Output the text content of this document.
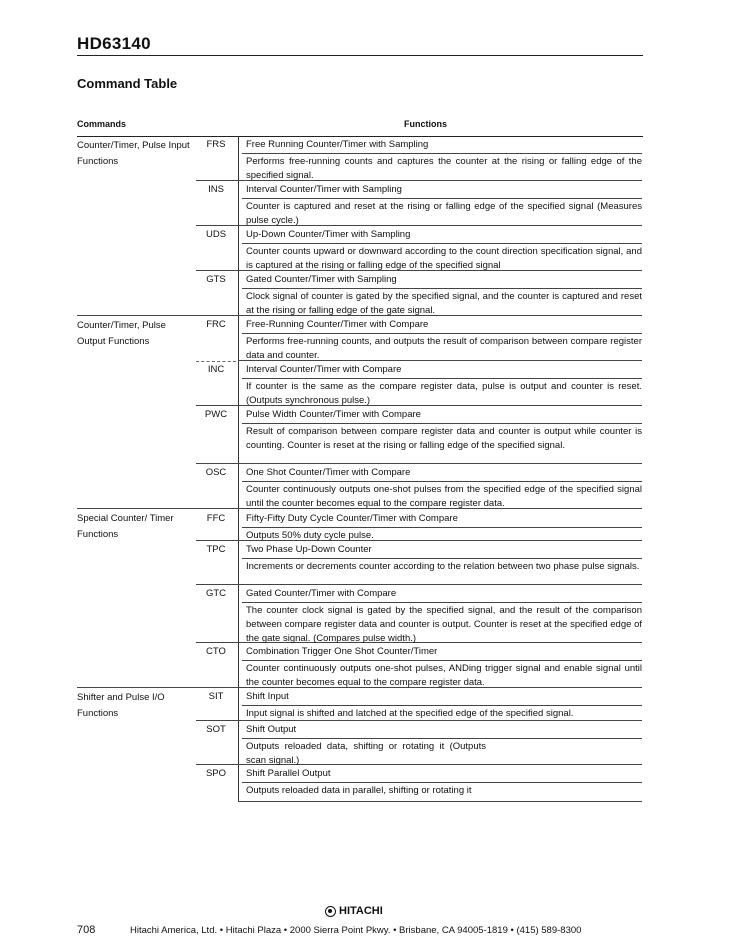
HD63140
Command Table
Commands	Functions
Counter/Timer, Pulse Input Functions
Counter/Timer, Pulse Output Functions
Special Counter/ Timer Functions
Shifter and Pulse I/O Functions
FRS
INS
UDS
GTS
FRC
INC
PWC
OSC
FFC
TPC
GTC
CTO
SIT
SOT
SPO
Free Running Counter/Timer with Sampling
Interval Counter/Timer with Sampling
Up-Down Counter/Timer with Sampling
Gated Counter/Timer with Sampling
Free-Running Counter/Timer with Compare
Interval Counter/Timer with Compare
Pulse Width Counter/Timer with Compare
One Shot Counter/Timer with Compare
Fifty-Fifty Duty Cycle Counter/Timer with Compare
Two Phase Up-Down Counter
Gated Counter/Timer with Compare
Combination Trigger One Shot Counter/Timer
Shift Input
Shift Output
Shift Parallel Output
Performs free-running counts and captures the counter at the rising or falling edge of the specified signal.
Counter is captured and reset at the rising or falling edge of the specified signal (Measures pulse cycle.)
Counter counts upward or downward according to the count direction specification signal, and is captured at the rising or falling edge of the specified signal
Clock signal of counter is gated by the specified signal, and the counter is captured and reset at the rising or falling edge of the gate signal.
Performs free-running counts, and outputs the result of comparison between compare register data and counter.
If counter is the same as the compare register data, pulse is output and counter is reset. (Outputs synchronous pulse.)
Result of comparison between compare register data and counter is output while counter is counting. Counter is reset at the rising or falling edge of the specified signal.
Counter continuously outputs one-shot pulses from the specified edge of the specified signal until the counter becomes equal to the compare register data.
Outputs 50% duty cycle pulse.
Increments or decrements counter according to the relation between two phase pulse signals.
The counter clock signal is gated by the specified signal, and the result of the comparison between compare register data and counter is output. Counter is reset at the specified edge of the gate signal. (Compares pulse width.)
Counter continuously outputs one-shot pulses, ANDing trigger signal and enable signal until the counter becomes equal to the compare register data.
Input signal is shifted and latched at the specified edge of the specified signal.
Outputs reloaded data, shifting or rotating it (Outputs scan signal.)
Outputs reloaded data in parallel, shifting or rotating it
HITACHI
708	Hitachi America, Ltd. • Hitachi Plaza • 2000 Sierra Point Pkwy. • Brisbane, CA 94005-1819 • (415) 589-8300
